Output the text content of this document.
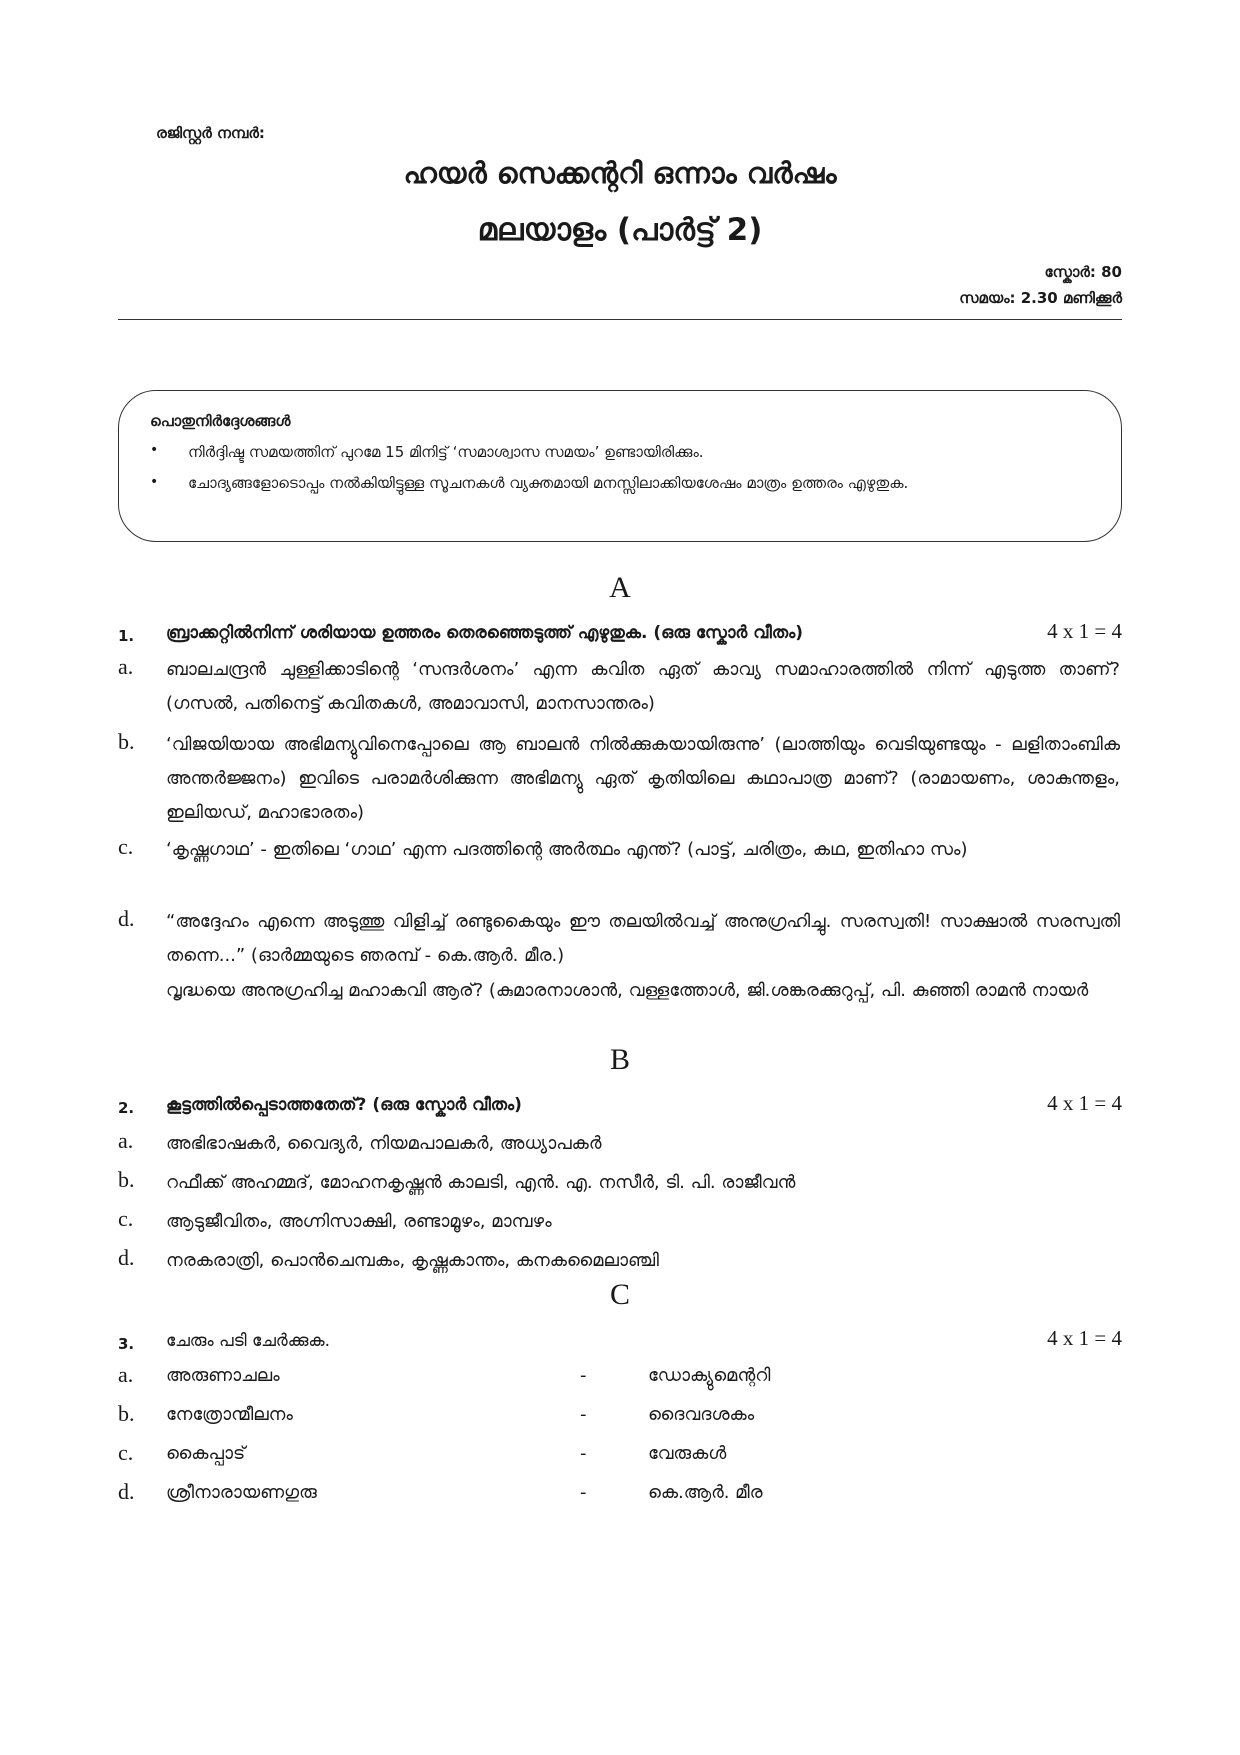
രജിസ്റ്റർ നമ്പർ:
ഹയർ സെക്കന്ററി ഒന്നാം വർഷം
മലയാളം (പാർട്ട് 2)
സ്കോർ: 80
സമയം: 2.30 മണിക്കൂർ
പൊതുനിർദ്ദേശങ്ങൾ
• നിർദ്ദിഷ്ട സമയത്തിന് പുറമേ 15 മിനിട്ട് ‘സമാശ്വാസ സമയം’ ഉണ്ടായിരിക്കും.
• ചോദ്യങ്ങളോടൊപ്പം നൽകിയിട്ടുള്ള സൂചനകൾ വ്യക്തമായി മനസ്സിലാക്കിയശേഷം മാത്രം ഉത്തരം എഴുതുക.
A
1. ബ്രാക്കറ്റിൽനിന്ന് ശരിയായ ഉത്തരം തെരഞ്ഞെടുത്ത് എഴുതുക. (ഒരു സ്കോർ വീതം)	4 x 1 = 4
a. ബാലചന്ദ്രൻ ചുള്ളിക്കാടിന്റെ ‘സന്ദർശനം’ എന്ന കവിത ഏത് കാവ്യ സമാഹാരത്തിൽ നിന്ന് എടുത്ത താണ്? (ഗസൽ, പതിനെട്ട് കവിതകൾ, അമാവാസി, മാനസാന്തരം)
b. ‘വിജയിയായ അഭിമന്യുവിനെപ്പോലെ ആ ബാലൻ നിൽക്കുകയായിരുന്നു’ (ലാത്തിയും വെടിയുണ്ടയും - ലളിതാംബിക അന്തർജ്ജനം) ഇവിടെ പരാമർശിക്കുന്ന അഭിമന്യു ഏത് കൃതിയിലെ കഥാപാത്ര മാണ്? (രാമായണം, ശാകുന്തളം, ഇലിയഡ്, മഹാഭാരതം)
c. ‘കൃഷ്ണഗാഥ’ - ഇതിലെ ‘ഗാഥ’ എന്ന പദത്തിന്റെ അർത്ഥം എന്ത്? (പാട്ട്, ചരിത്രം, കഥ, ഇതിഹാ സം)
d. “അദ്ദേഹം എന്നെ അടുത്തു വിളിച്ച് രണ്ടുകൈയും ഈ തലയിൽവച്ച് അനുഗ്രഹിച്ചു. സരസ്വതി! സാക്ഷാൽ സരസ്വതി തന്നെ...” (ഓർമ്മയുടെ ഞരമ്പ് - കെ.ആർ. മീര.)
വൃദ്ധയെ അനുഗ്രഹിച്ച മഹാകവി ആര്? (കുമാരനാശാൻ, വള്ളത്തോൾ, ജി.ശങ്കരക്കുറുപ്പ്, പി. കുഞ്ഞി രാമൻ നായർ
B
2. കൂട്ടത്തിൽപ്പെടാത്തതേത്? (ഒരു സ്കോർ വീതം)	4 x 1 = 4
a. അഭിഭാഷകർ, വൈദ്യർ, നിയമപാലകർ, അധ്യാപകർ
b. റഫീക്ക് അഹമ്മദ്, മോഹനകൃഷ്ണൻ കാലടി, എൻ. എ. നസീർ, ടി. പി. രാജീവൻ
c. ആടുജീവിതം, അഗ്നിസാക്ഷി, രണ്ടാമൂഴം, മാമ്പഴം
d. നരകരാത്രി, പൊൻചെമ്പകം, കൃഷ്ണകാന്തം, കനകമൈലാഞ്ചി
C
3. ചേരും പടി ചേർക്കുക.	4 x 1 = 4
a. അരുണാചലം	-	ഡോക്യുമെന്ററി
b. നേത്രോന്മീലനം	-	ദൈവദശകം
c. കൈപ്പാട്	-	വേരുകൾ
d. ശ്രീനാരായണഗുരു	-	കെ.ആർ. മീര
